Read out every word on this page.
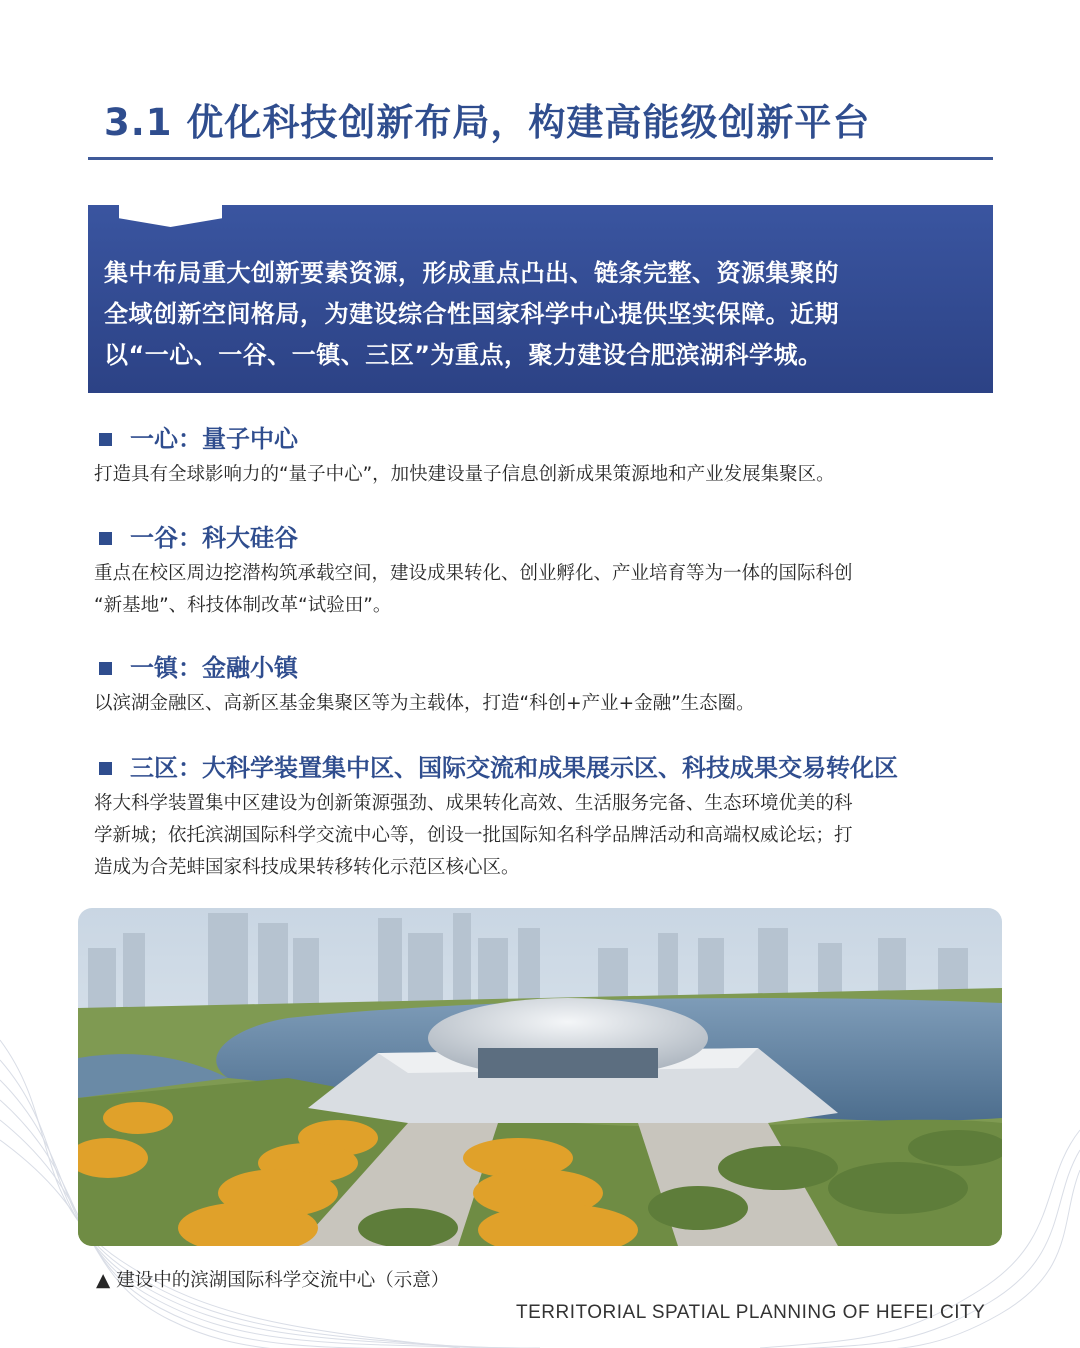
3.1 优化科技创新布局，构建高能级创新平台

集中布局重大创新要素资源，形成重点凸出、链条完整、资源集聚的
全域创新空间格局，为建设综合性国家科学中心提供坚实保障。近期
以“一心、一谷、一镇、三区”为重点，聚力建设合肥滨湖科学城。

一心：量子中心

打造具有全球影响力的“量子中心”，加快建设量子信息创新成果策源地和产业发展集聚区。

一谷：科大硅谷

重点在校区周边挖潜构筑承载空间，建设成果转化、创业孵化、产业培育等为一体的国际科创
“新基地”、科技体制改革“试验田”。

一镇：金融小镇

以滨湖金融区、高新区基金集聚区等为主载体，打造“科创+产业+金融”生态圈。

三区：大科学装置集中区、国际交流和成果展示区、科技成果交易转化区

将大科学装置集中区建设为创新策源强劲、成果转化高效、生活服务完备、生态环境优美的科
学新城；依托滨湖国际科学交流中心等，创设一批国际知名科学品牌活动和高端权威论坛；打
造成为合芜蚌国家科技成果转移转化示范区核心区。

▲ 建设中的滨湖国际科学交流中心（示意）
TERRITORIAL SPATIAL PLANNING OF HEFEI CITY
